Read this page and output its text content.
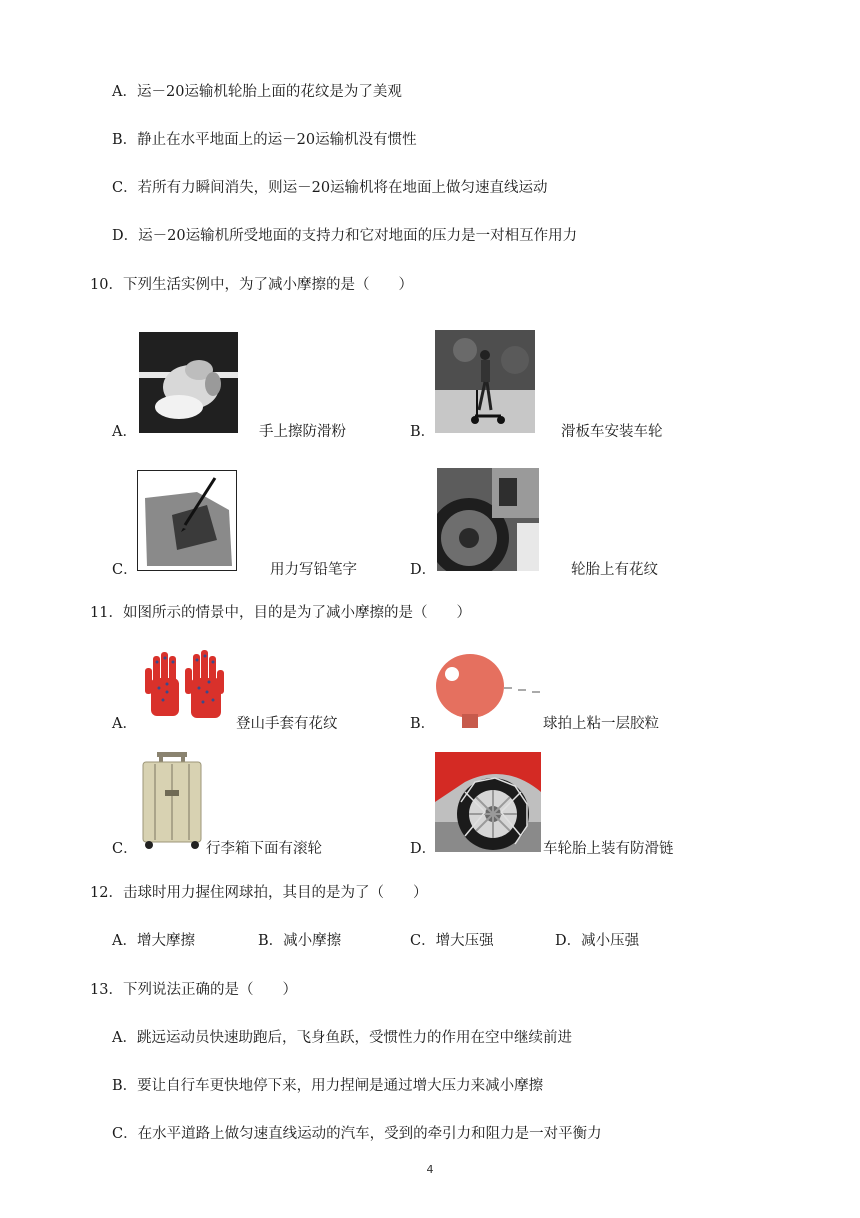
A．运－20运输机轮胎上面的花纹是为了美观
B．静止在水平地面上的运－20运输机没有惯性
C．若所有力瞬间消失，则运－20运输机将在地面上做匀速直线运动
D．运－20运输机所受地面的支持力和它对地面的压力是一对相互作用力
10．下列生活实例中，为了减小摩擦的是（　　）
A．	手上擦防滑粉	B．	滑板车安装车轮
C．	用力写铅笔字	D．	轮胎上有花纹
11．如图所示的情景中，目的是为了减小摩擦的是（　　）
A．	登山手套有花纹	B．	球拍上粘一层胶粒
C．	行李箱下面有滚轮	D．	车轮胎上装有防滑链
12．击球时用力握住网球拍，其目的是为了（　　）
A．增大摩擦	B．减小摩擦	C．增大压强	D．减小压强
13．下列说法正确的是（　　）
A．跳远运动员快速助跑后，飞身鱼跃，受惯性力的作用在空中继续前进
B．要让自行车更快地停下来，用力捏闸是通过增大压力来减小摩擦
C．在水平道路上做匀速直线运动的汽车，受到的牵引力和阻力是一对平衡力
4
